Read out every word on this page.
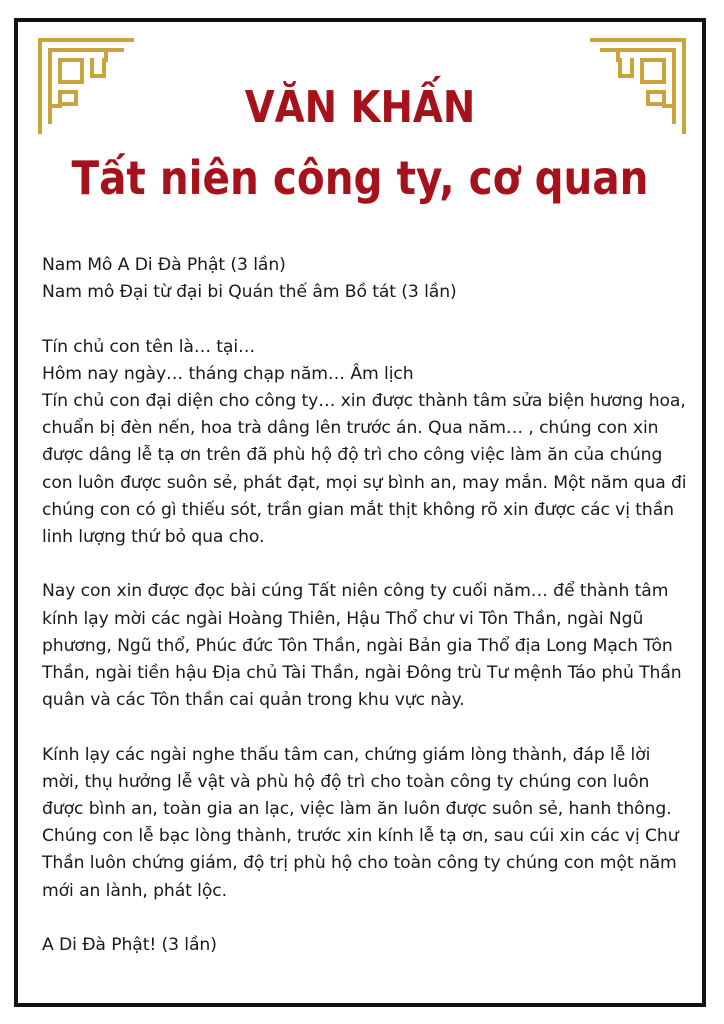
VĂN KHẤN
Tất niên công ty, cơ quan

Nam Mô A Di Đà Phật (3 lần)

Nam mô Đại từ đại bi Quán thế âm Bồ tát (3 lần)

Tín chủ con tên là… tại…

Hôm nay ngày… tháng chạp năm… Âm lịch

Tín chủ con đại diện cho công ty… xin được thành tâm sửa biện hương hoa, chuẩn bị đèn nến, hoa trà dâng lên trước án. Qua năm… , chúng con xin được dâng lễ tạ ơn trên đã phù hộ độ trì cho công việc làm ăn của chúng con luôn được suôn sẻ, phát đạt, mọi sự bình an, may mắn. Một năm qua đi chúng con có gì thiếu sót, trần gian mắt thịt không rõ xin được các vị thần linh lượng thứ bỏ qua cho.

Nay con xin được đọc bài cúng Tất niên công ty cuối năm… để thành tâm kính lạy mời các ngài Hoàng Thiên, Hậu Thổ chư vi Tôn Thần, ngài Ngũ phương, Ngũ thổ, Phúc đức Tôn Thần, ngài Bản gia Thổ địa Long Mạch Tôn Thần, ngài tiền hậu Địa chủ Tài Thần, ngài Đông trù Tư mệnh Táo phủ Thần quân và các Tôn thần cai quản trong khu vực này.

Kính lạy các ngài nghe thấu tâm can, chứng giám lòng thành, đáp lễ lời mời, thụ hưởng lễ vật và phù hộ độ trì cho toàn công ty chúng con luôn được bình an, toàn gia an lạc, việc làm ăn luôn được suôn sẻ, hanh thông.

Chúng con lễ bạc lòng thành, trước xin kính lễ tạ ơn, sau cúi xin các vị Chư Thần luôn chứng giám, độ trị phù hộ cho toàn công ty chúng con một năm mới an lành, phát lộc.

A Di Đà Phật! (3 lần)
